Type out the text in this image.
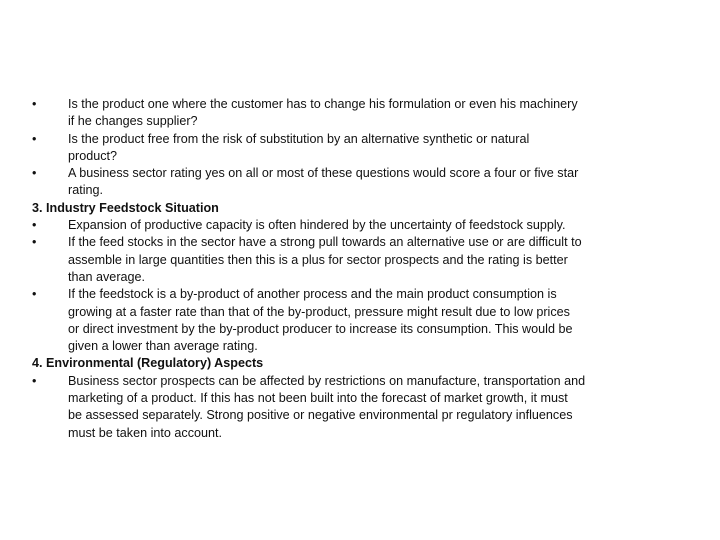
•	Is the product one where the customer has to change his formulation or even his machinery
if he changes supplier?
•	Is the product free from the risk of substitution by an alternative synthetic or natural
product?
•	A business sector rating yes on all or most of these questions would score a four or five star
rating.
3. Industry Feedstock Situation
•	Expansion of productive capacity is often hindered by the uncertainty of feedstock supply.
•	If the feed stocks in the sector have a strong pull towards an alternative use or are difficult to
assemble in large quantities then this is a plus for sector prospects and the rating is better
than average.
•	If the feedstock is a by-product of another process and the main product consumption is
growing at a faster rate than that of the by-product, pressure might result due to low prices
or direct investment by the by-product producer to increase its consumption. This would be
given a lower than average rating.
4. Environmental (Regulatory) Aspects
•	Business sector prospects can be affected by restrictions on manufacture, transportation and
marketing of a product. If this has not been built into the forecast of market growth, it must
be assessed separately. Strong positive or negative environmental pr regulatory influences
must be taken into account.
